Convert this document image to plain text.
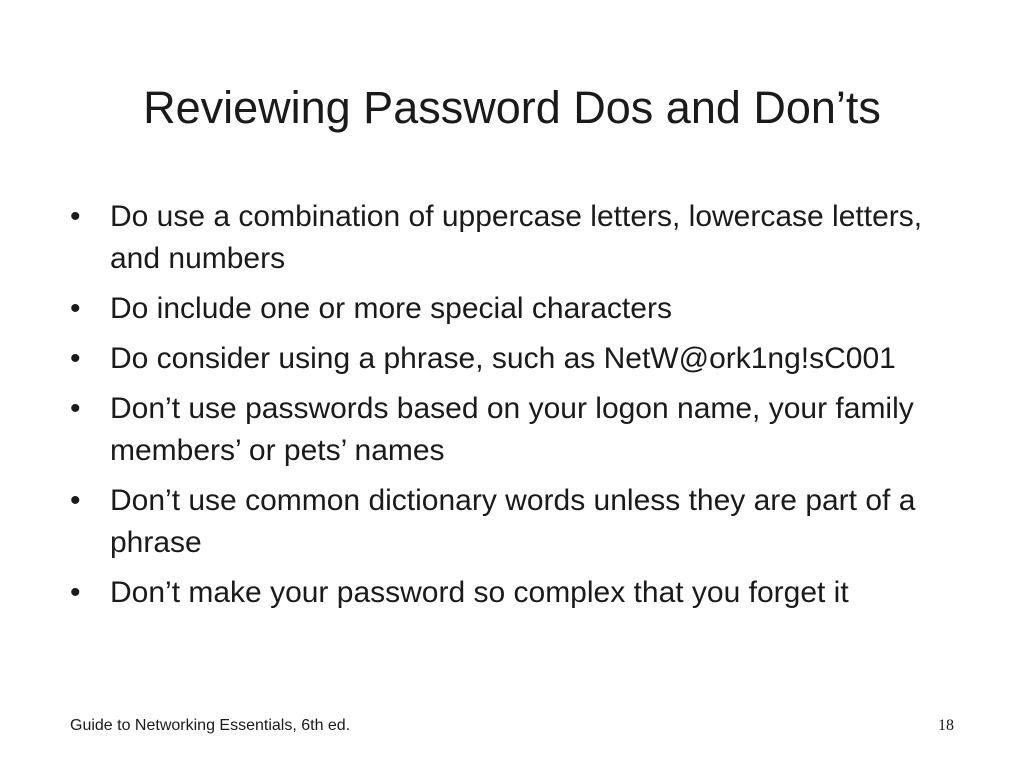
Reviewing Password Dos and Don’ts
• Do use a combination of uppercase letters, lowercase letters, and numbers
• Do include one or more special characters
• Do consider using a phrase, such as NetW@ork1ng!sC001
• Don’t use passwords based on your logon name, your family members’ or pets’ names
• Don’t use common dictionary words unless they are part of a phrase
• Don’t make your password so complex that you forget it
Guide to Networking Essentials, 6th ed.	18
